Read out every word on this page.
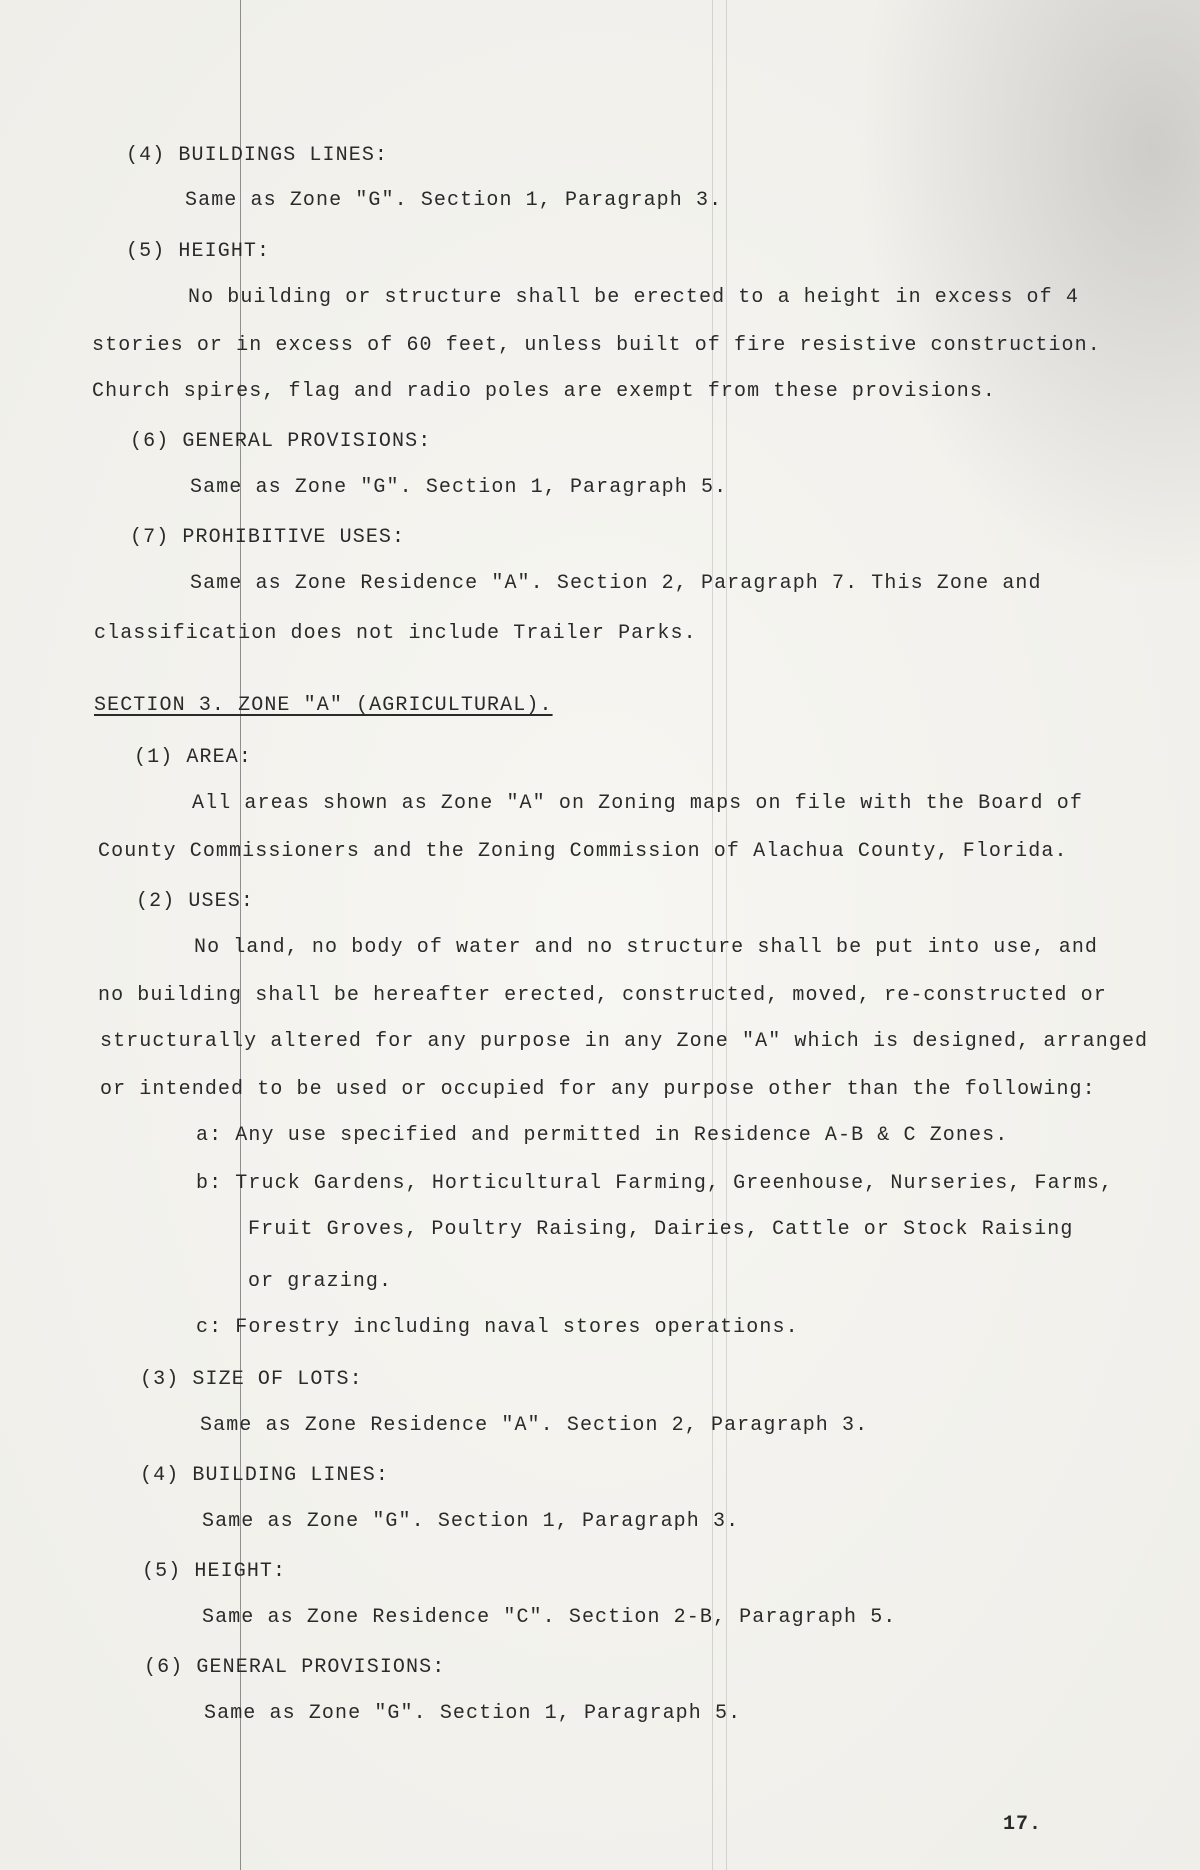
(4) BUILDINGS LINES:
Same as Zone "G". Section 1, Paragraph 3.
(5) HEIGHT:
No building or structure shall be erected to a height in excess of 4
stories or in excess of 60 feet, unless built of fire resistive construction.
Church spires, flag and radio poles are exempt from these provisions.
(6) GENERAL PROVISIONS:
Same as Zone "G". Section 1, Paragraph 5.
(7) PROHIBITIVE USES:
Same as Zone Residence "A". Section 2, Paragraph 7. This Zone and
classification does not include Trailer Parks.
SECTION 3. ZONE "A" (AGRICULTURAL).
(1) AREA:
All areas shown as Zone "A" on Zoning maps on file with the Board of
County Commissioners and the Zoning Commission of Alachua County, Florida.
(2) USES:
No land, no body of water and no structure shall be put into use, and
no building shall be hereafter erected, constructed, moved, re-constructed or
structurally altered for any purpose in any Zone "A" which is designed, arranged
or intended to be used or occupied for any purpose other than the following:
a: Any use specified and permitted in Residence A-B & C Zones.
b: Truck Gardens, Horticultural Farming, Greenhouse, Nurseries, Farms,
Fruit Groves, Poultry Raising, Dairies, Cattle or Stock Raising
or grazing.
c: Forestry including naval stores operations.
(3) SIZE OF LOTS:
Same as Zone Residence "A". Section 2, Paragraph 3.
(4) BUILDING LINES:
Same as Zone "G". Section 1, Paragraph 3.
(5) HEIGHT:
Same as Zone Residence "C". Section 2-B, Paragraph 5.
(6) GENERAL PROVISIONS:
Same as Zone "G". Section 1, Paragraph 5.
17.
